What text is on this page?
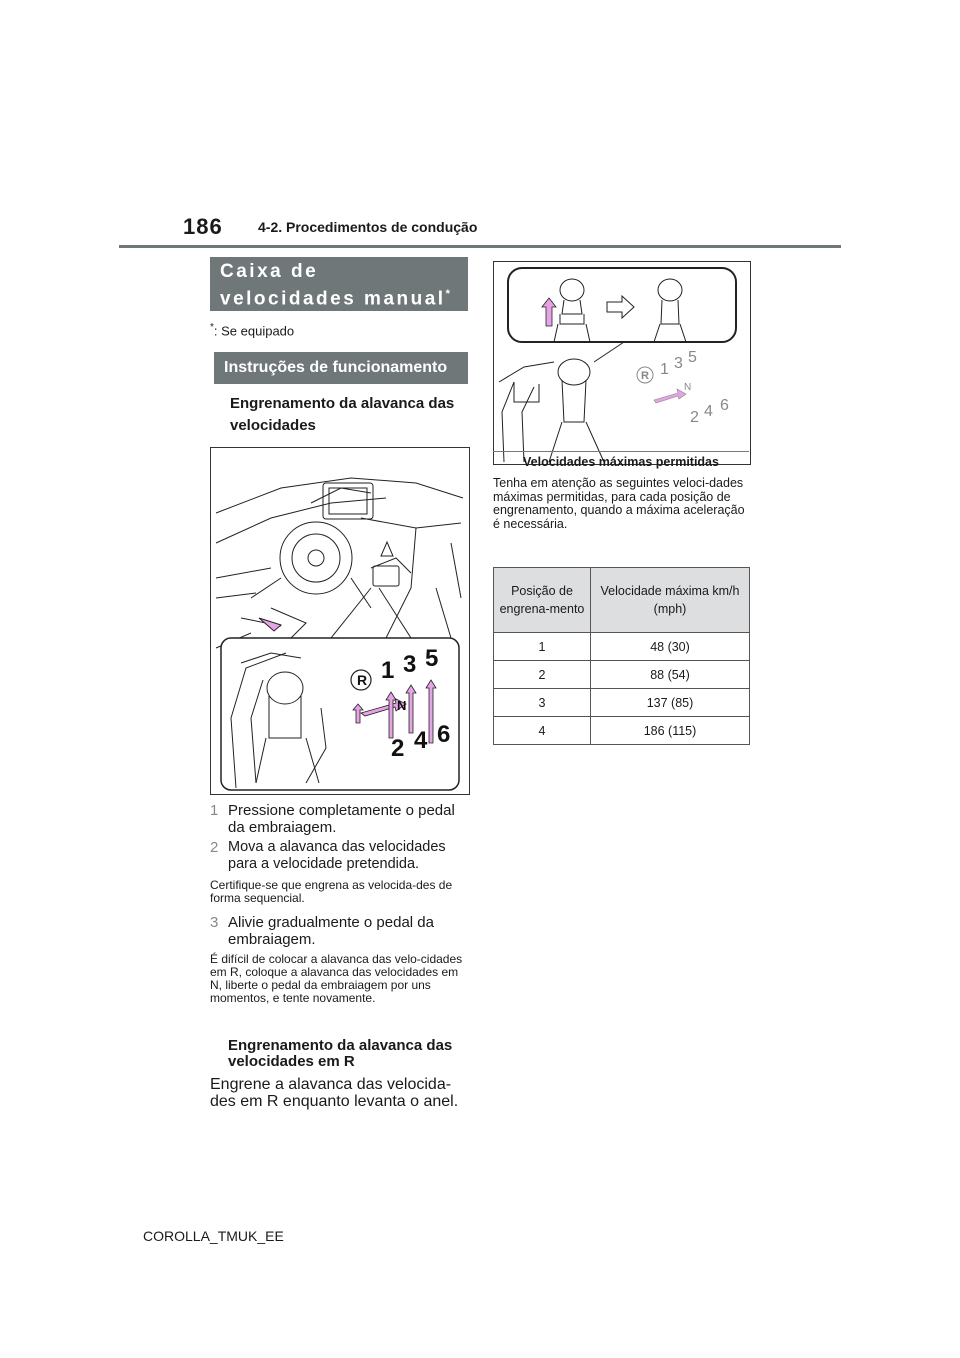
186	4-2. Procedimentos de condução
Caixa de velocidades manual*
*: Se equipado
Instruções de funcionamento
Engrenamento da alavanca das velocidades
R 1 3 5
N
2 4 6
1 Pressione completamente o pedal da embraiagem.
2 Mova a alavanca das velocidades para a velocidade pretendida.
Certifique-se que engrena as velocida-des de forma sequencial.
3 Alivie gradualmente o pedal da embraiagem.
É difícil de colocar a alavanca das velo-cidades em R, coloque a alavanca das velocidades em N, liberte o pedal da embraiagem por uns momentos, e tente novamente.
Engrenamento da alavanca das velocidades em R
Engrene a alavanca das velocida-des em R enquanto levanta o anel.
R 1 3 5
N
2 4 6
Velocidades máximas permitidas
Tenha em atenção as seguintes veloci-dades máximas permitidas, para cada posição de engrenamento, quando a máxima aceleração é necessária.
Posição de engrena-mento	Velocidade máxima km/h (mph)
1	48 (30)
2	88 (54)
3	137 (85)
4	186 (115)
COROLLA_TMUK_EE
